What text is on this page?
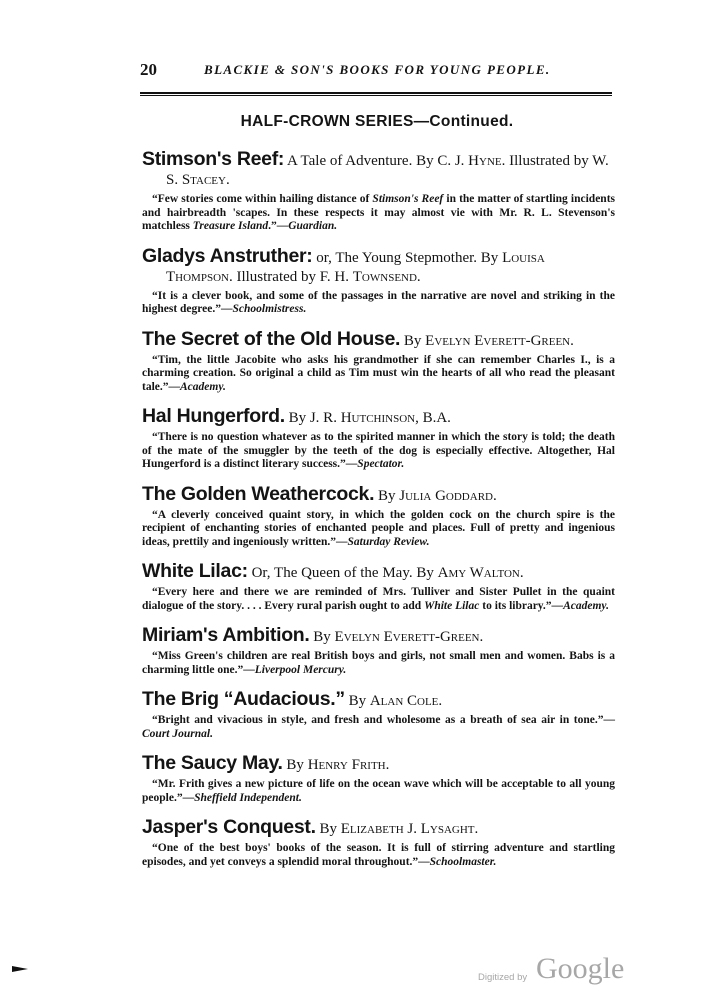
20	BLACKIE & SON'S BOOKS FOR YOUNG PEOPLE.
HALF-CROWN SERIES—Continued.
Stimson's Reef: A Tale of Adventure. By C. J. Hyne. Illustrated by W. S. Stacey.
“Few stories come within hailing distance of Stimson's Reef in the matter of startling incidents and hairbreadth 'scapes. In these respects it may almost vie with Mr. R. L. Stevenson's matchless Treasure Island.”—Guardian.
Gladys Anstruther: or, The Young Stepmother. By Louisa Thompson. Illustrated by F. H. Townsend.
“It is a clever book, and some of the passages in the narrative are novel and striking in the highest degree.”—Schoolmistress.
The Secret of the Old House. By Evelyn Everett-Green.
“Tim, the little Jacobite who asks his grandmother if she can remember Charles I., is a charming creation. So original a child as Tim must win the hearts of all who read the pleasant tale.”—Academy.
Hal Hungerford. By J. R. Hutchinson, B.A.
“There is no question whatever as to the spirited manner in which the story is told; the death of the mate of the smuggler by the teeth of the dog is especially effective. Altogether, Hal Hungerford is a distinct literary success.”—Spectator.
The Golden Weathercock. By Julia Goddard.
“A cleverly conceived quaint story, in which the golden cock on the church spire is the recipient of enchanting stories of enchanted people and places. Full of pretty and ingenious ideas, prettily and ingeniously written.”—Saturday Review.
White Lilac: Or, The Queen of the May. By Amy Walton.
“Every here and there we are reminded of Mrs. Tulliver and Sister Pullet in the quaint dialogue of the story. . . . Every rural parish ought to add White Lilac to its library.”—Academy.
Miriam's Ambition. By Evelyn Everett-Green.
“Miss Green's children are real British boys and girls, not small men and women. Babs is a charming little one.”—Liverpool Mercury.
The Brig “Audacious.” By Alan Cole.
“Bright and vivacious in style, and fresh and wholesome as a breath of sea air in tone.”—Court Journal.
The Saucy May. By Henry Frith.
“Mr. Frith gives a new picture of life on the ocean wave which will be acceptable to all young people.”—Sheffield Independent.
Jasper's Conquest. By Elizabeth J. Lysaght.
“One of the best boys' books of the season. It is full of stirring adventure and startling episodes, and yet conveys a splendid moral throughout.”—Schoolmaster.
Digitized by Google
